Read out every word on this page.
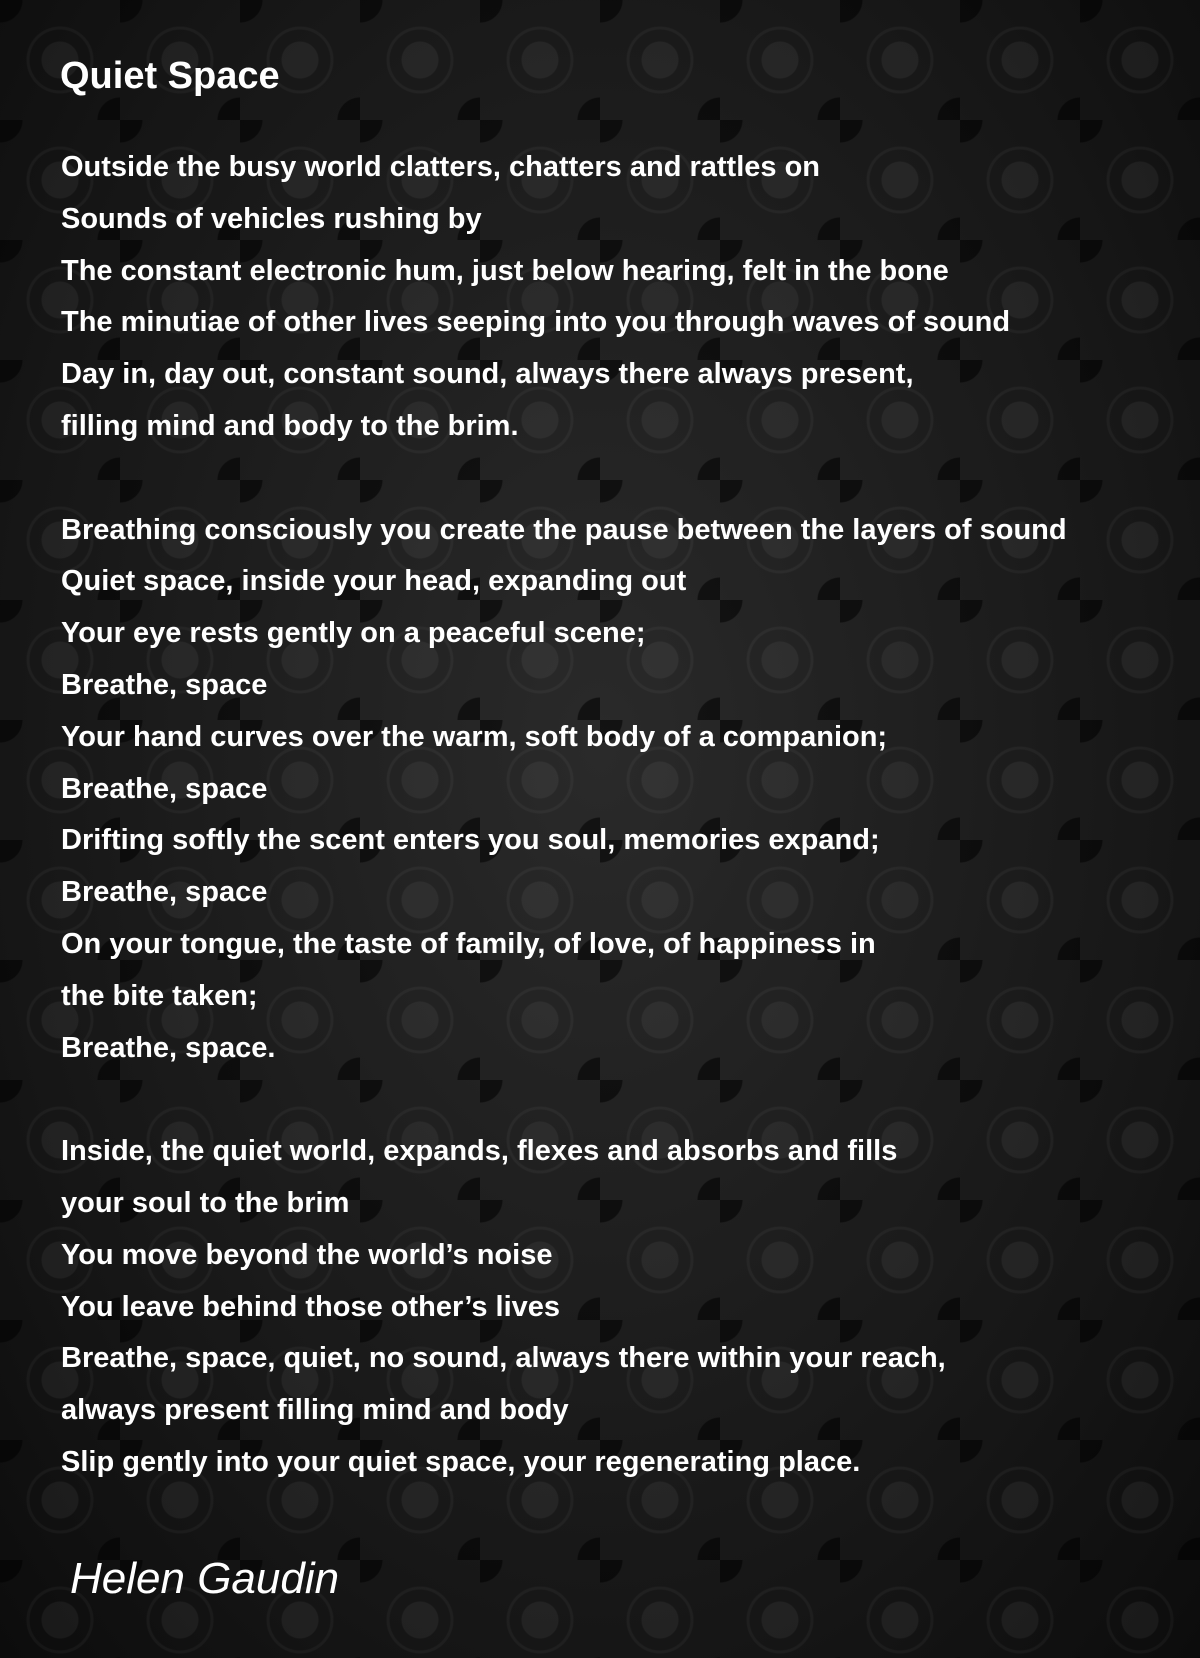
Quiet Space

Outside the busy world clatters, chatters and rattles on
Sounds of vehicles rushing by
The constant electronic hum, just below hearing, felt in the bone
The minutiae of other lives seeping into you through waves of sound
Day in, day out, constant sound, always there always present,
filling mind and body to the brim.

Breathing consciously you create the pause between the layers of sound
Quiet space, inside your head, expanding out
Your eye rests gently on a peaceful scene;
Breathe, space
Your hand curves over the warm, soft body of a companion;
Breathe, space
Drifting softly the scent enters you soul, memories expand;
Breathe, space
On your tongue, the taste of family, of love, of happiness in
the bite taken;
Breathe, space.

Inside, the quiet world, expands, flexes and absorbs and fills
your soul to the brim
You move beyond the world’s noise
You leave behind those other’s lives
Breathe, space, quiet, no sound, always there within your reach,
always present filling mind and body
Slip gently into your quiet space, your regenerating place.

Helen Gaudin
